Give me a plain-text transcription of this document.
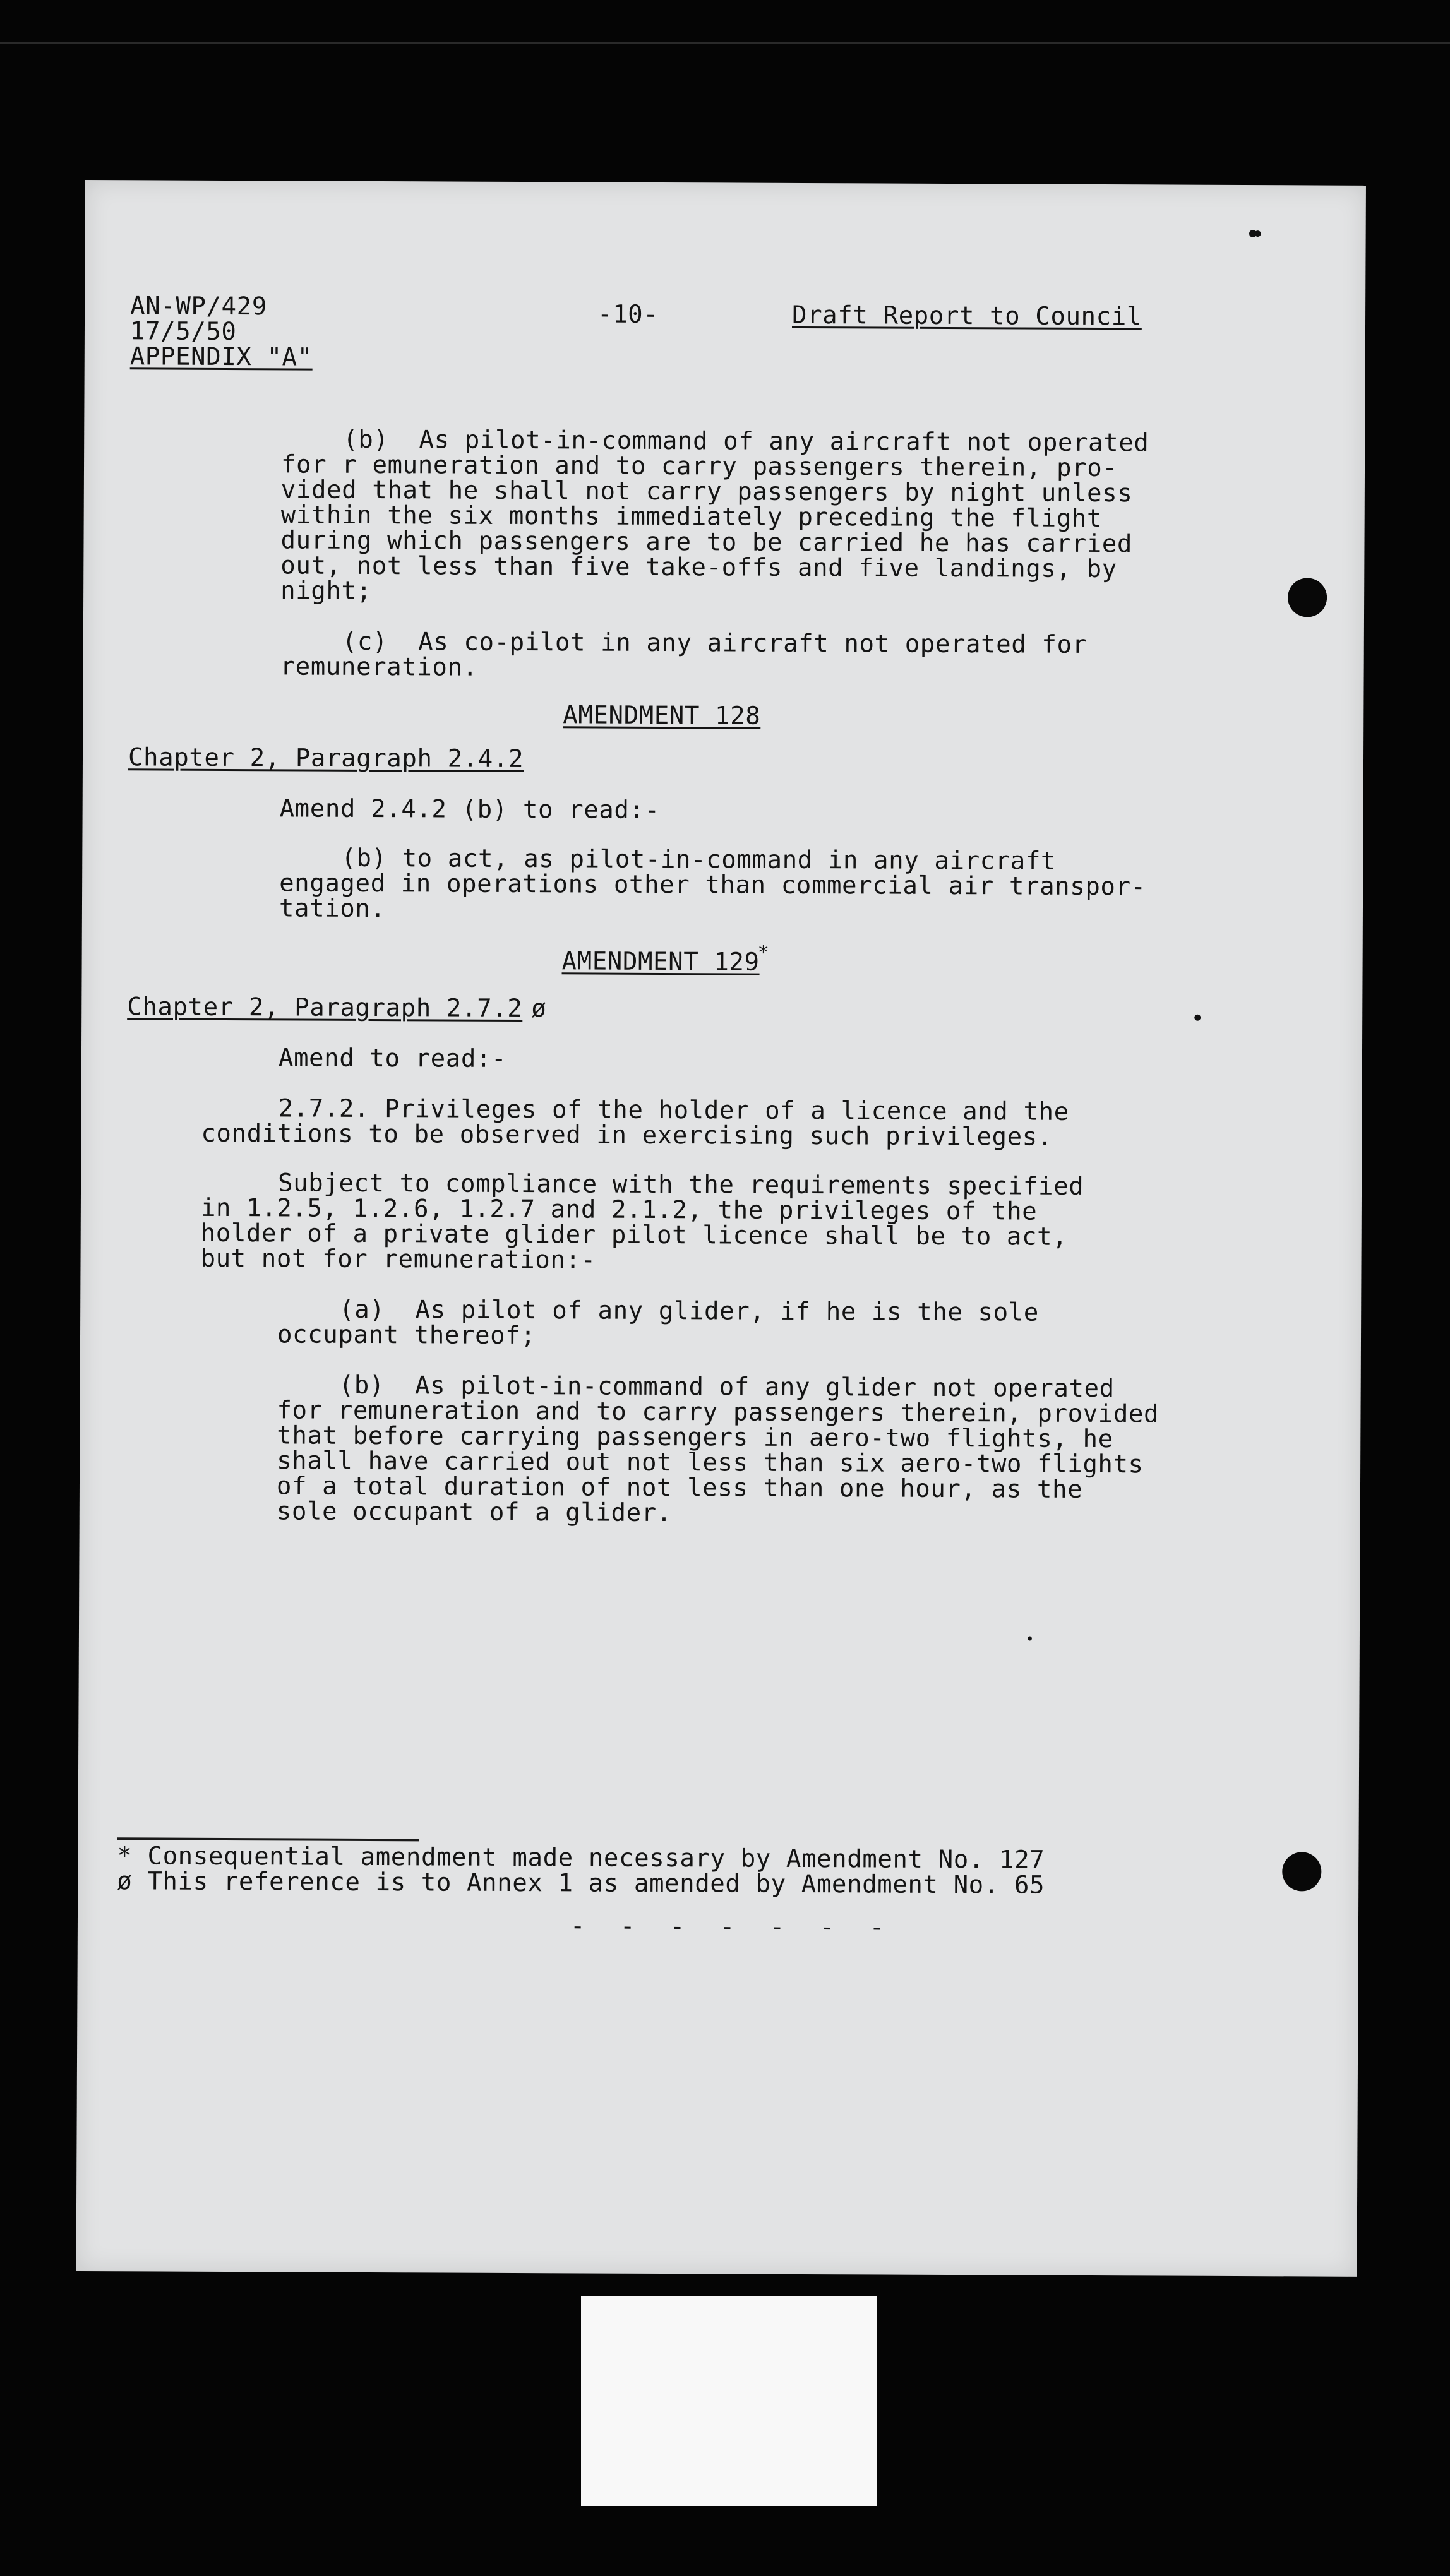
AN-WP/429
17/5/50
APPENDIX "A"
-10-	Draft Report to Council
(b)  As pilot-in-command of any aircraft not operated
for r emuneration and to carry passengers therein, pro-
vided that he shall not carry passengers by night unless
within the six months immediately preceding the flight
during which passengers are to be carried he has carried
out, not less than five take-offs and five landings, by
night;
(c)  As co-pilot in any aircraft not operated for
remuneration.
AMENDMENT 128
Chapter 2, Paragraph 2.4.2
Amend 2.4.2 (b) to read:-
(b) to act, as pilot-in-command in any aircraft
engaged in operations other than commercial air transpor-
tation.
AMENDMENT 129
*
Chapter 2, Paragraph 2.7.2 ø
Amend to read:-
2.7.2. Privileges of the holder of a licence and the
conditions to be observed in exercising such privileges.
Subject to compliance with the requirements specified
in 1.2.5, 1.2.6, 1.2.7 and 2.1.2, the privileges of the
holder of a private glider pilot licence shall be to act,
but not for remuneration:-
(a)  As pilot of any glider, if he is the sole
occupant thereof;
(b)  As pilot-in-command of any glider not operated
for remuneration and to carry passengers therein, provided
that before carrying passengers in aero-two flights, he
shall have carried out not less than six aero-two flights
of a total duration of not less than one hour, as the
sole occupant of a glider.
* Consequential amendment made necessary by Amendment No. 127
ø This reference is to Annex 1 as amended by Amendment No. 65
- - - - - - -
